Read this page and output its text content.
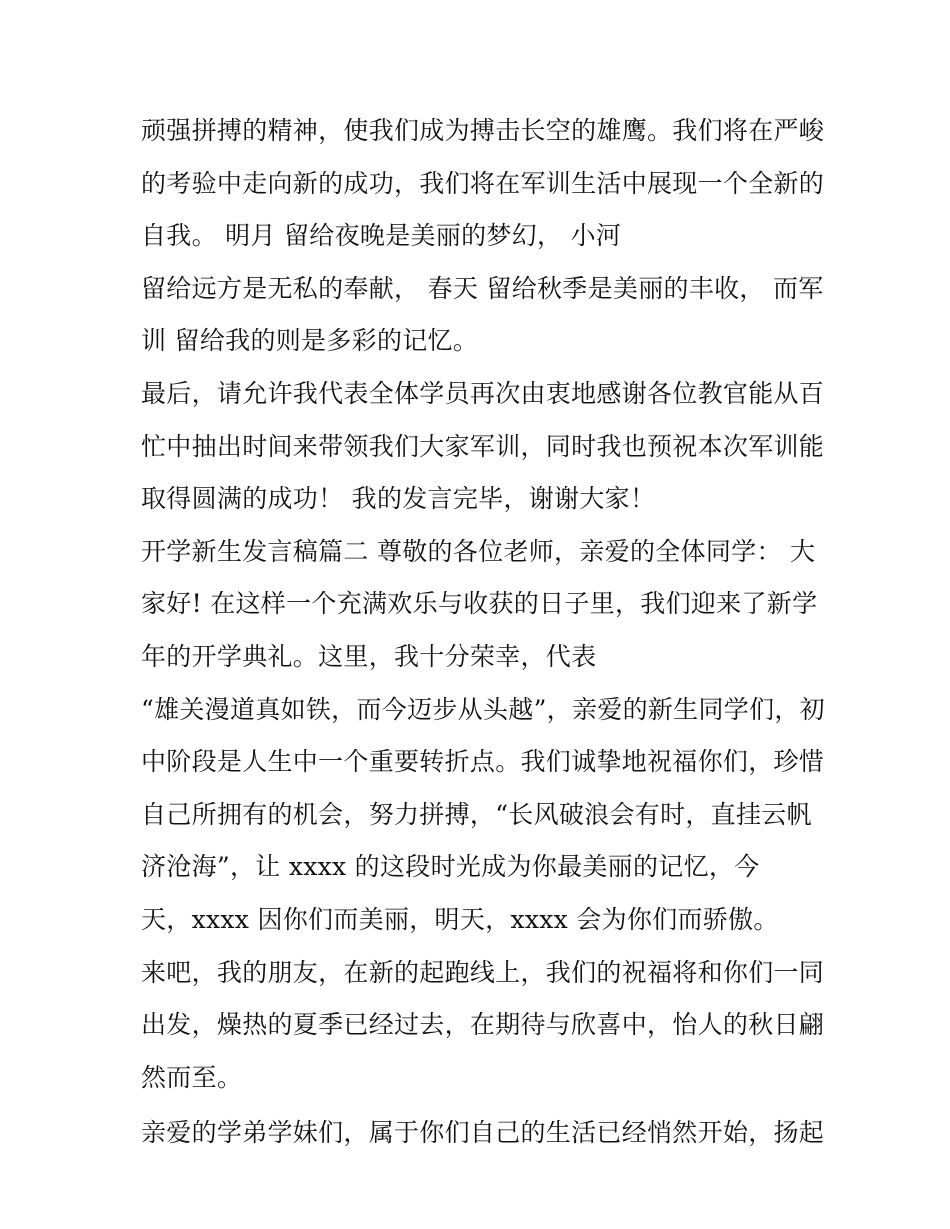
顽强拼搏的精神，使我们成为搏击长空的雄鹰。我们将在严峻
的考验中走向新的成功，我们将在军训生活中展现一个全新的
自我。 明月 留给夜晚是美丽的梦幻， 小河
留给远方是无私的奉献， 春天 留给秋季是美丽的丰收， 而军
训 留给我的则是多彩的记忆。
最后，请允许我代表全体学员再次由衷地感谢各位教官能从百
忙中抽出时间来带领我们大家军训，同时我也预祝本次军训能
取得圆满的成功！ 我的发言完毕，谢谢大家！
开学新生发言稿篇二 尊敬的各位老师，亲爱的全体同学： 大
家好! 在这样一个充满欢乐与收获的日子里，我们迎来了新学
年的开学典礼。这里，我十分荣幸，代表
“雄关漫道真如铁，而今迈步从头越”，亲爱的新生同学们，初
中阶段是人生中一个重要转折点。我们诚挚地祝福你们，珍惜
自己所拥有的机会，努力拼搏，“长风破浪会有时，直挂云帆
济沧海”，让 xxxx 的这段时光成为你最美丽的记忆，今
天，xxxx 因你们而美丽，明天，xxxx 会为你们而骄傲。
来吧，我的朋友，在新的起跑线上，我们的祝福将和你们一同
出发，燥热的夏季已经过去，在期待与欣喜中，怡人的秋日翩
然而至。
亲爱的学弟学妹们，属于你们自己的生活已经悄然开始，扬起
